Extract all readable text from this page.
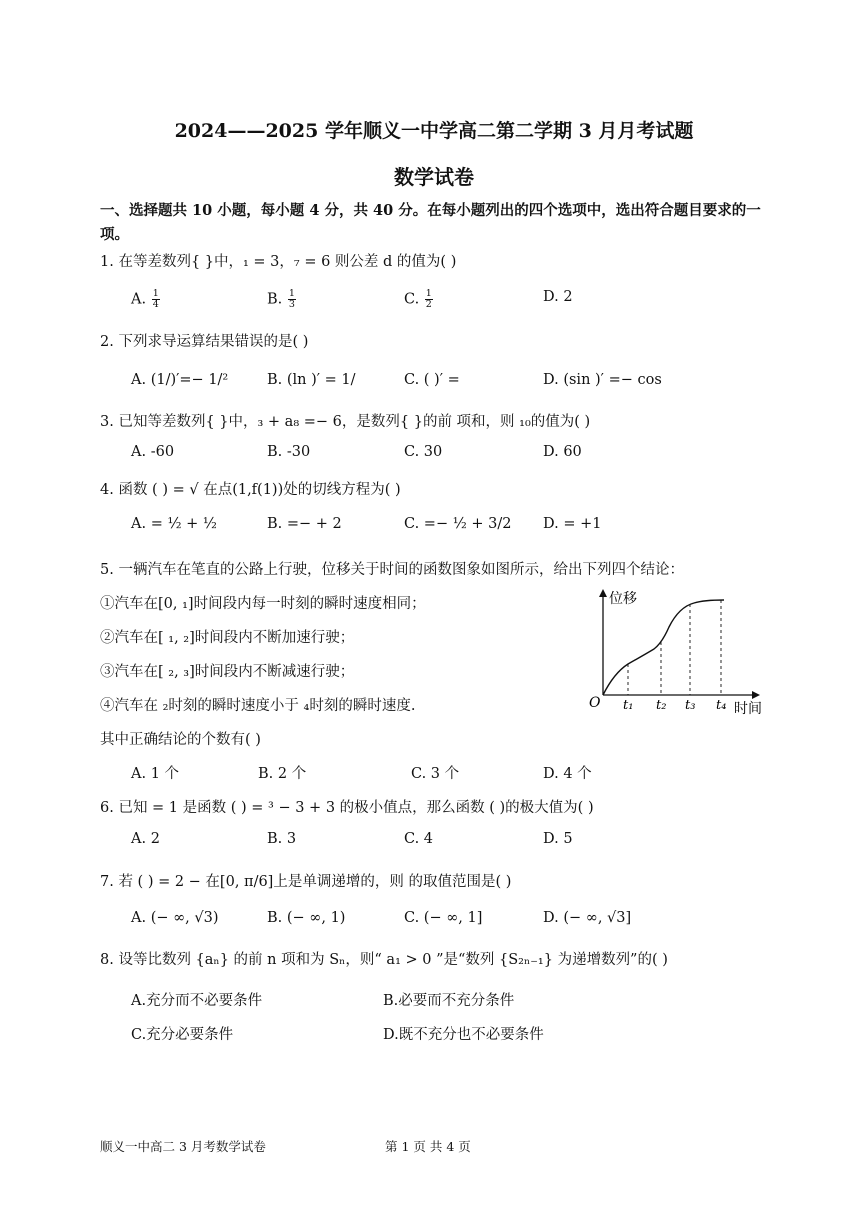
2024——2025 学年顺义一中学高二第二学期 3 月月考试题
数学试卷
一、选择题共 10 小题，每小题 4 分，共 40 分。在每小题列出的四个选项中，选出符合题目要求的一项。
1. 在等差数列{ }中，₁ = 3，₇ = 6 则公差 d 的值为( )
A. $\frac{1}{4}$	B. $\frac{1}{3}$	C. $\frac{1}{2}$	D. 2
2. 下列求导运算结果错误的是( )
A. (1/)′=− 1/²	B. (ln )′ = 1/	C. ( )′ =	D. (sin )′ =− cos
3. 已知等差数列{ }中，₃ + a₈ =− 6，是数列{ }的前 项和，则 ₁₀的值为( )
A. -60	B. -30	C. 30	D. 60
4. 函数 ( ) = √ 在点(1,f(1))处的切线方程为( )
A. = ½ + ½	B. =− + 2	C. =− ½ + 3/2 D. = +1
5. 一辆汽车在笔直的公路上行驶，位移关于时间的函数图象如图所示，给出下列四个结论：
①汽车在[0, ₁]时间段内每一时刻的瞬时速度相同；
②汽车在[ ₁, ₂]时间段内不断加速行驶；
③汽车在[ ₂, ₃]时间段内不断减速行驶；
④汽车在 ₂时刻的瞬时速度小于 ₄时刻的瞬时速度.
其中正确结论的个数有( )
位移
时间
O t₁ t₂ t₃ t₄
A. 1 个	B. 2 个	C. 3 个	D. 4 个
6. 已知 = 1 是函数 ( ) = ³ − 3 + 3 的极小值点，那么函数 ( )的极大值为( )
A. 2	B. 3	C. 4	D. 5
7. 若 ( ) = 2 − 在[0, π/6]上是单调递增的，则 的取值范围是( )
A. (− ∞, √3)	B. (− ∞, 1)	C. (− ∞, 1]	D. (− ∞, √3]
8. 设等比数列 {aₙ} 的前 n 项和为 Sₙ，则“ a₁ > 0 ”是“数列 {S₂ₙ₋₁} 为递增数列”的( )
A.充分而不必要条件	B.必要而不充分条件
C.充分必要条件	D.既不充分也不必要条件
顺义一中高二 3 月考数学试卷	第 1 页 共 4 页
